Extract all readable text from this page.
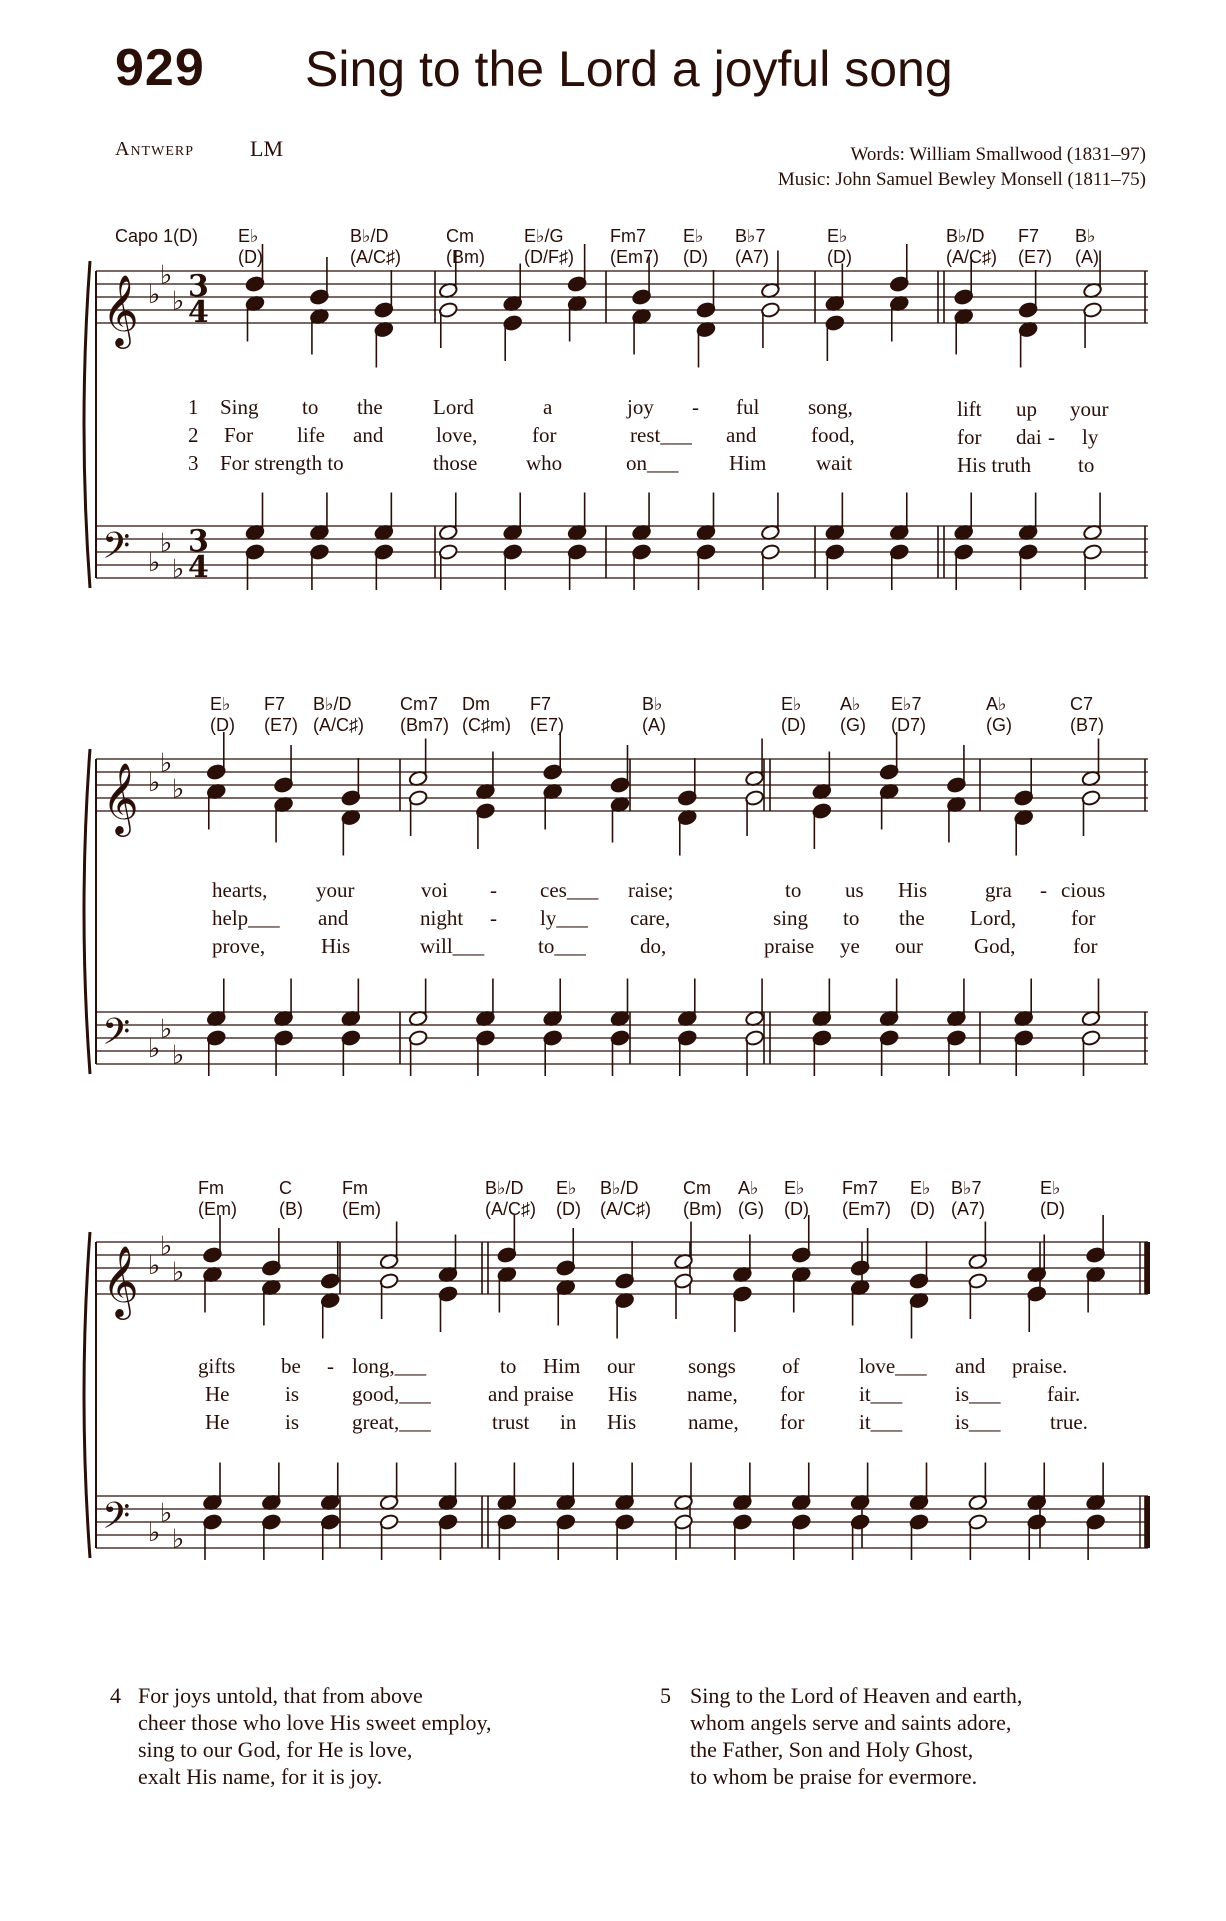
929 Sing to the Lord a joyful song
Antwerp	LM	Words: William Smallwood (1831–97)
Music: John Samuel Bewley Monsell (1811–75)
𝄞 ♭
♭
♭ 3
4
𝄢 ♭
♭
♭
3
4
𝄞 ♭
♭
♭
𝄢 ♭
♭
♭
𝄞 ♭
♭
♭
𝄢 ♭
♭
♭
Capo 1(D) E♭
(D)
B♭/D
(A/C♯)
Cm
(Bm)
E♭/G
(D/F♯)
Fm7
(Em7)
E♭
(D)
B♭7
(A7)
E♭
(D)
B♭/D
(A/C♯)
F7
(E7)
B♭
(A)
1 Sing to the Lord	a	joy - ful song,	lift up your
2 For life and	love,	for	rest___ and	food,	for dai - ly
3 For strength to	those who	on___ Him wait	His truth to
E♭
(D)
F7
(E7)
B♭/D
(A/C♯)
Cm7
(Bm7)
Dm
(C♯m)
F7
(E7)
B♭
(A)
E♭
(D)
A♭
(G)
E♭7
(D7)
A♭
(G)
C7
(B7)
hearts, your	voi - ces___ raise;	to us His	gra - cious
help___ and	night - ly___ care,	sing to the Lord,	for
prove,	His	will___	to___	do,	praise ye our God,	for
Fm
(Em)
C
(B)
Fm
(Em)
B♭/D
(A/C♯)
E♭
(D)
B♭/D
(A/C♯)
Cm
(Bm)
A♭
(G)
E♭
(D)
Fm7
(Em7)
E♭
(D)
B♭7
(A7)
E♭
(D)
gifts be - long,___	to Him our	songs of	love___ and praise.
He	is	good,___	and praise His name, for	it___	is___ fair.
He	is	great,___	trust in His name, for	it___	is___ true.
4 For joys untold, that from above
cheer those who love His sweet employ,
sing to our God, for He is love,
exalt His name, for it is joy.
5 Sing to the Lord of Heaven and earth,
whom angels serve and saints adore,
the Father, Son and Holy Ghost,
to whom be praise for evermore.
